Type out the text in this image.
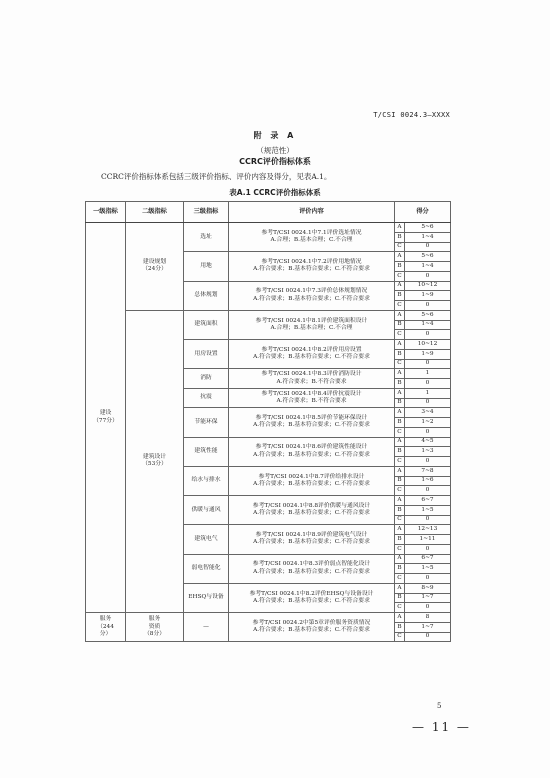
T/CSI 0024.3—XXXX
附 录 A
（规范性）
CCRC评价指标体系
CCRC评价指标体系包括三级评价指标、评价内容及得分，见表A.1。
表A.1 CCRC评价指标体系
一级指标	二级指标	三级指标	评价内容	得分	
建设
（77分）	建设规划
（24分）	选址	参考T/CSI 0024.1中7.1评价选址情况
A.合理；B.基本合理；C.不合理	A	5~6
				B	1~4
				C	0
		用地	参考T/CSI 0024.1中7.2评价用地情况
A.符合要求；B.基本符合要求；C.不符合要求	A	5~6
				B	1~4
				C	0
		总体规划	参考T/CSI 0024.1中7.3评价总体规划情况
A.符合要求；B.基本符合要求；C.不符合要求	A	10~12
				B	1~9
				C	0
	建筑设计
（53分）	建筑面积	参考T/CSI 0024.1中8.1评价建筑面积设计
A.合理；B.基本合理；C.不合理	A	5~6
				B	1~4
				C	0
		用房设置	参考T/CSI 0024.1中8.2评价用房设置
A.符合要求；B.基本符合要求；C.不符合要求	A	10~12
				B	1~9
				C	0
		消防	参考T/CSI 0024.1中8.3评价消防设计
A.符合要求；B.不符合要求	A	1
				B	0
		抗震	参考T/CSI 0024.1中8.4评价抗震设计
A.符合要求；B.不符合要求	A	1
				B	0
		节能环保	参考T/CSI 0024.1中8.5评价节能环保设计
A.符合要求；B.基本符合要求；C.不符合要求	A	3~4
				B	1~2
				C	0
		建筑性能	参考T/CSI 0024.1中8.6评价建筑性能设计
A.符合要求；B.基本符合要求；C.不符合要求	A	4~5
				B	1~3
				C	0
		给水与排水	参考T/CSI 0024.1中8.7评价给排水设计
A.符合要求；B.基本符合要求；C.不符合要求	A	7~8
				B	1~6
				C	0
		供暖与通风	参考T/CSI 0024.1中8.8评价供暖与通风设计
A.符合要求；B.基本符合要求；C.不符合要求	A	6~7
				B	1~5
				C	0
		建筑电气	参考T/CSI 0024.1中8.9评价建筑电气设计
A.符合要求；B.基本符合要求；C.不符合要求	A	12~13
				B	1~11
				C	0
		弱电智能化	参考T/CSI 0024.1中8.3评价弱点智能化设计
A.符合要求；B.基本符合要求；C.不符合要求	A	6~7
				B	1~5
				C	0
		EHSQ与设备	参考T/CSI 0024.1中8.2评价EHSQ与设备设计
A.符合要求；B.基本符合要求；C.不符合要求	A	8~9
				B	1~7
				C	0
服务
（244
分）	服务
资质
（8分）	—	参考T/CSI 0024.2中第5章评价服务资质情况
A.符合要求；B.基本符合要求；C.不符合要求	A	8
				B	1~7
				C	0
5
— 11 —
